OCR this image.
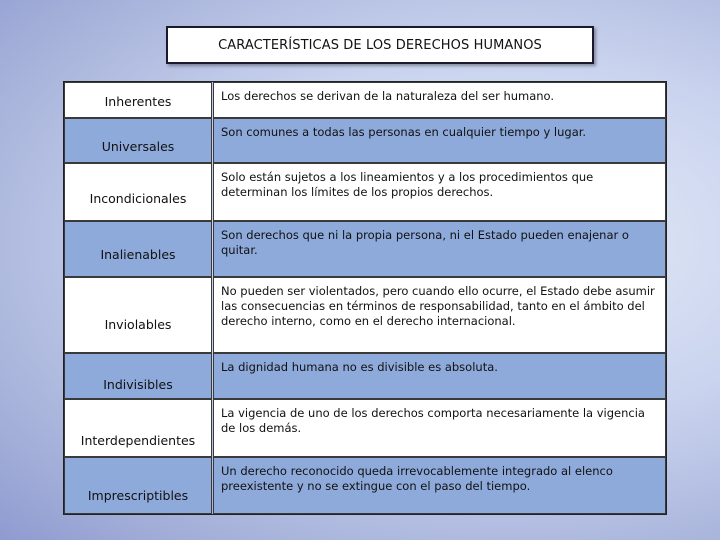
CARACTERÍSTICAS DE LOS DERECHOS HUMANOS
Inherentes
Universales
Incondicionales
Inalienables
Inviolables
Indivisibles
Interdependientes
Imprescriptibles
Los derechos se derivan de la naturaleza del ser humano.
Son comunes a todas las personas en cualquier tiempo y lugar.
Solo están sujetos a los lineamientos y a los procedimientos que determinan los límites de los propios derechos.
Son derechos que ni la propia persona, ni el Estado pueden enajenar o quitar.
No pueden ser violentados, pero cuando ello ocurre, el Estado debe asumir las consecuencias en términos de responsabilidad, tanto en el ámbito del derecho interno, como en el derecho internacional.
La dignidad humana no es divisible es absoluta.
La vigencia de uno de los derechos comporta necesariamente la vigencia de los demás.
Un derecho reconocido queda irrevocablemente integrado al elenco preexistente y no se extingue con el paso del tiempo.
